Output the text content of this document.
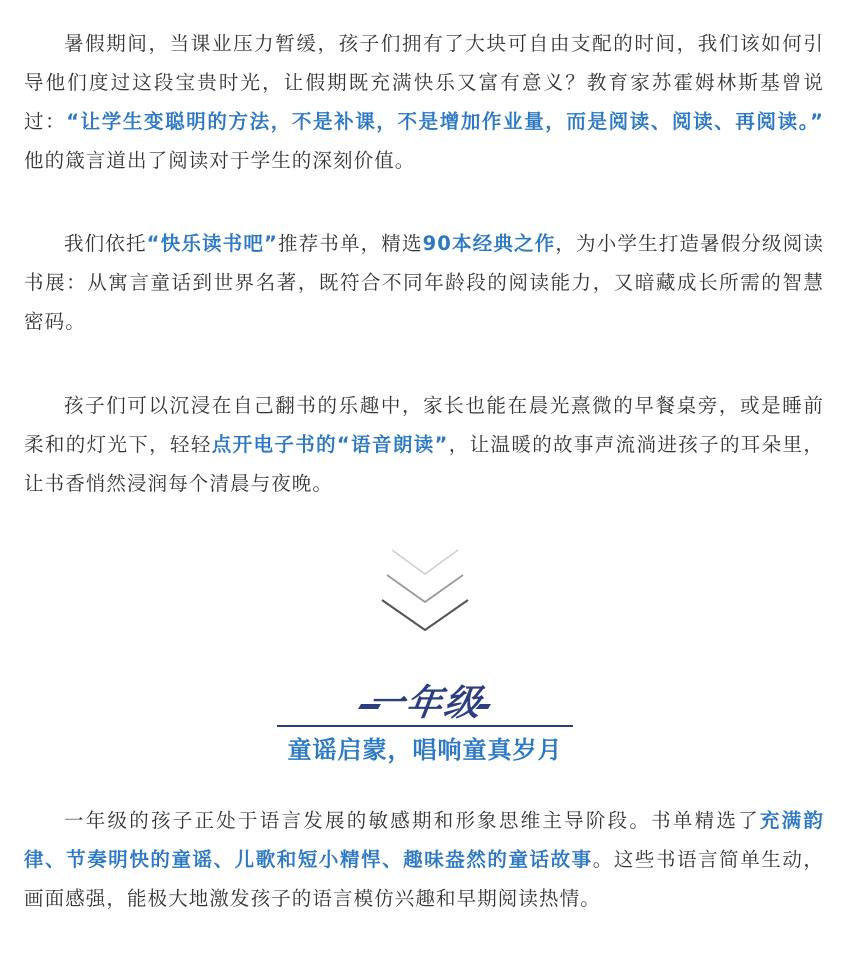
暑假期间，当课业压力暂缓，孩子们拥有了大块可自由支配的时间，我们该如何引导他们度过这段宝贵时光，让假期既充满快乐又富有意义？教育家苏霍姆林斯基曾说过：“让学生变聪明的方法，不是补课，不是增加作业量，而是阅读、阅读、再阅读。” 他的箴言道出了阅读对于学生的深刻价值。

我们依托“快乐读书吧”推荐书单，精选90本经典之作，为小学生打造暑假分级阅读书展：从寓言童话到世界名著，既符合不同年龄段的阅读能力，又暗藏成长所需的智慧密码。

孩子们可以沉浸在自己翻书的乐趣中，家长也能在晨光熹微的早餐桌旁，或是睡前柔和的灯光下，轻轻点开电子书的“语音朗读”，让温暖的故事声流淌进孩子的耳朵里，让书香悄然浸润每个清晨与夜晚。

一年级
童谣启蒙，唱响童真岁月

一年级的孩子正处于语言发展的敏感期和形象思维主导阶段。书单精选了充满韵律、节奏明快的童谣、儿歌和短小精悍、趣味盎然的童话故事。这些书语言简单生动，画面感强，能极大地激发孩子的语言模仿兴趣和早期阅读热情。
